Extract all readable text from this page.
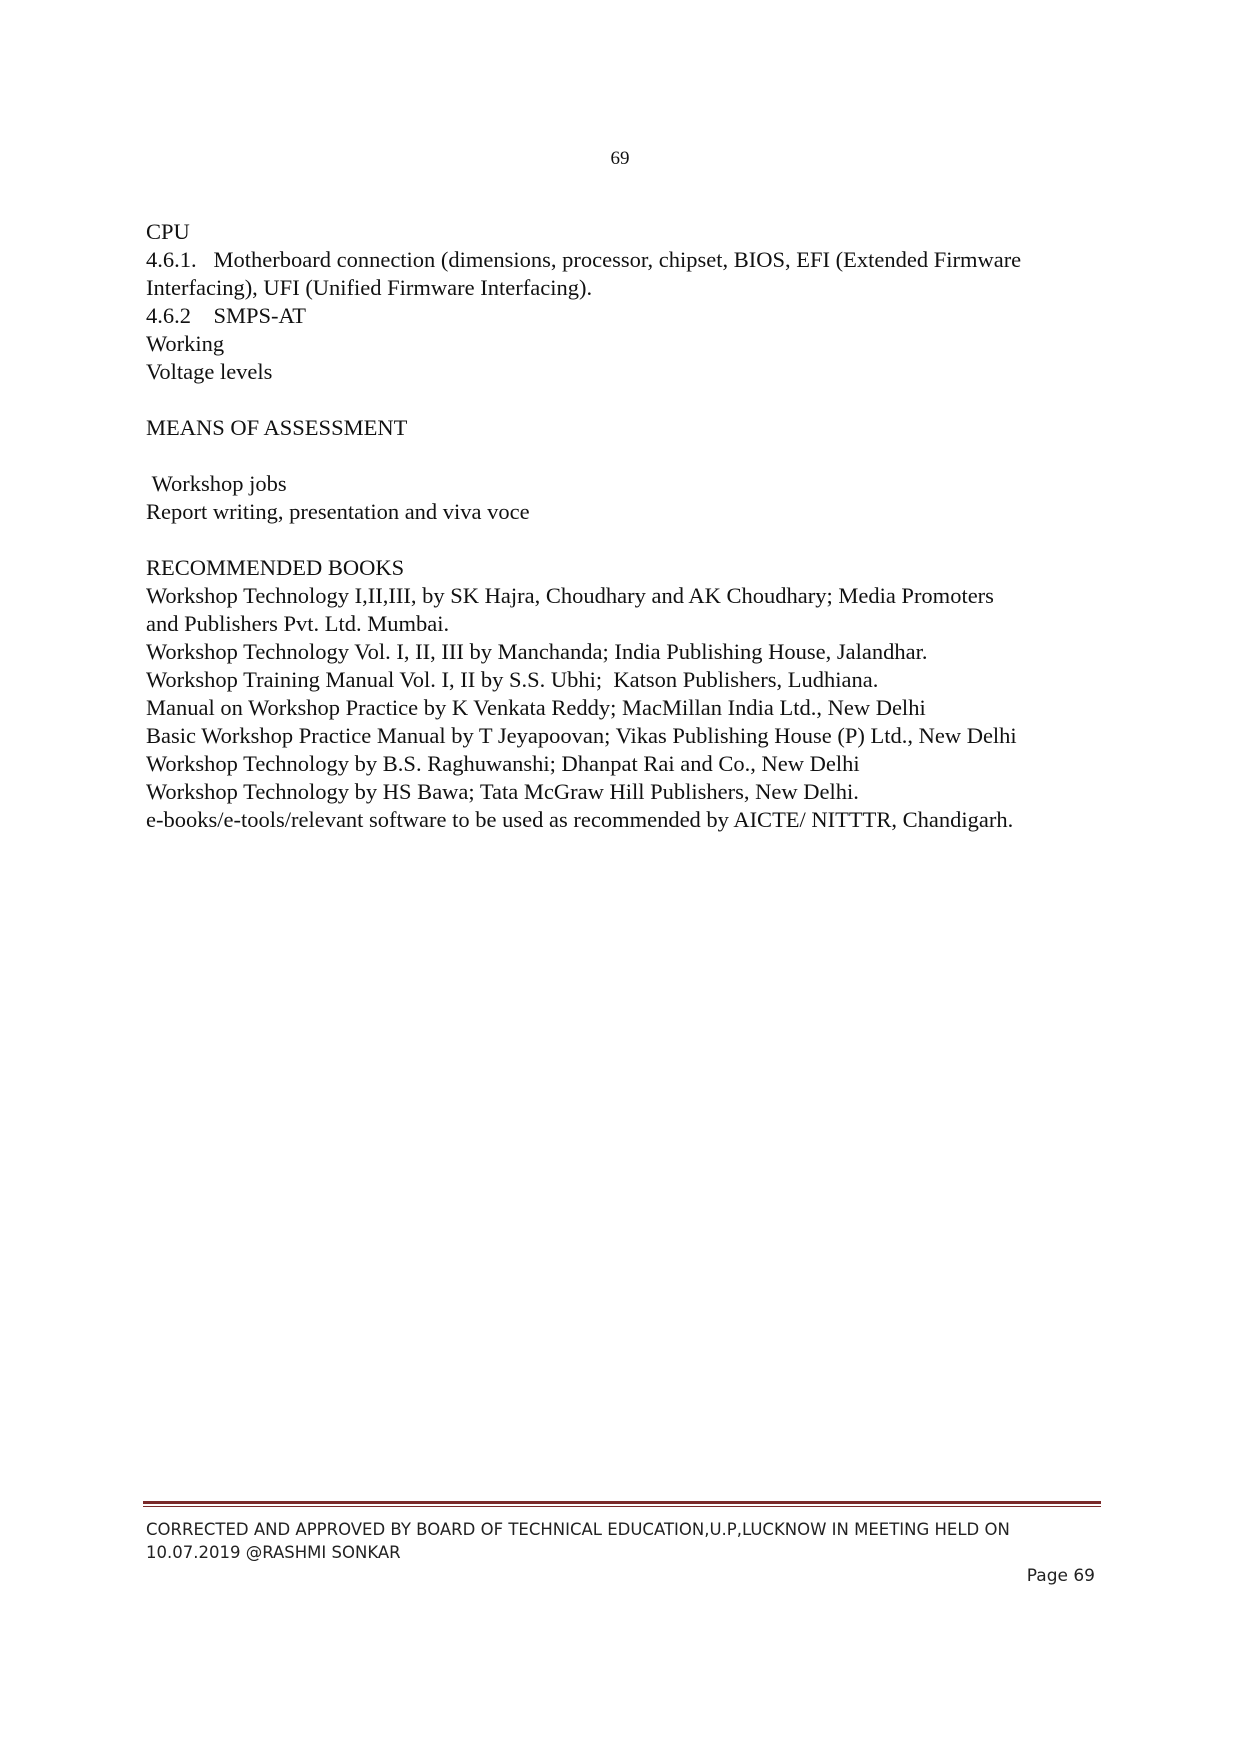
69
CPU
4.6.1.   Motherboard connection (dimensions, processor, chipset, BIOS, EFI (Extended Firmware
Interfacing), UFI (Unified Firmware Interfacing).
4.6.2    SMPS-AT
Working
Voltage levels
MEANS OF ASSESSMENT
Workshop jobs
Report writing, presentation and viva voce
RECOMMENDED BOOKS
Workshop Technology I,II,III, by SK Hajra, Choudhary and AK Choudhary; Media Promoters
and Publishers Pvt. Ltd. Mumbai.
Workshop Technology Vol. I, II, III by Manchanda; India Publishing House, Jalandhar.
Workshop Training Manual Vol. I, II by S.S. Ubhi;  Katson Publishers, Ludhiana.
Manual on Workshop Practice by K Venkata Reddy; MacMillan India Ltd., New Delhi
Basic Workshop Practice Manual by T Jeyapoovan; Vikas Publishing House (P) Ltd., New Delhi
Workshop Technology by B.S. Raghuwanshi; Dhanpat Rai and Co., New Delhi
Workshop Technology by HS Bawa; Tata McGraw Hill Publishers, New Delhi.
e-books/e-tools/relevant software to be used as recommended by AICTE/ NITTTR, Chandigarh.
CORRECTED AND APPROVED BY BOARD OF TECHNICAL EDUCATION,U.P,LUCKNOW IN MEETING HELD ON
10.07.2019 @RASHMI SONKAR
Page 69
